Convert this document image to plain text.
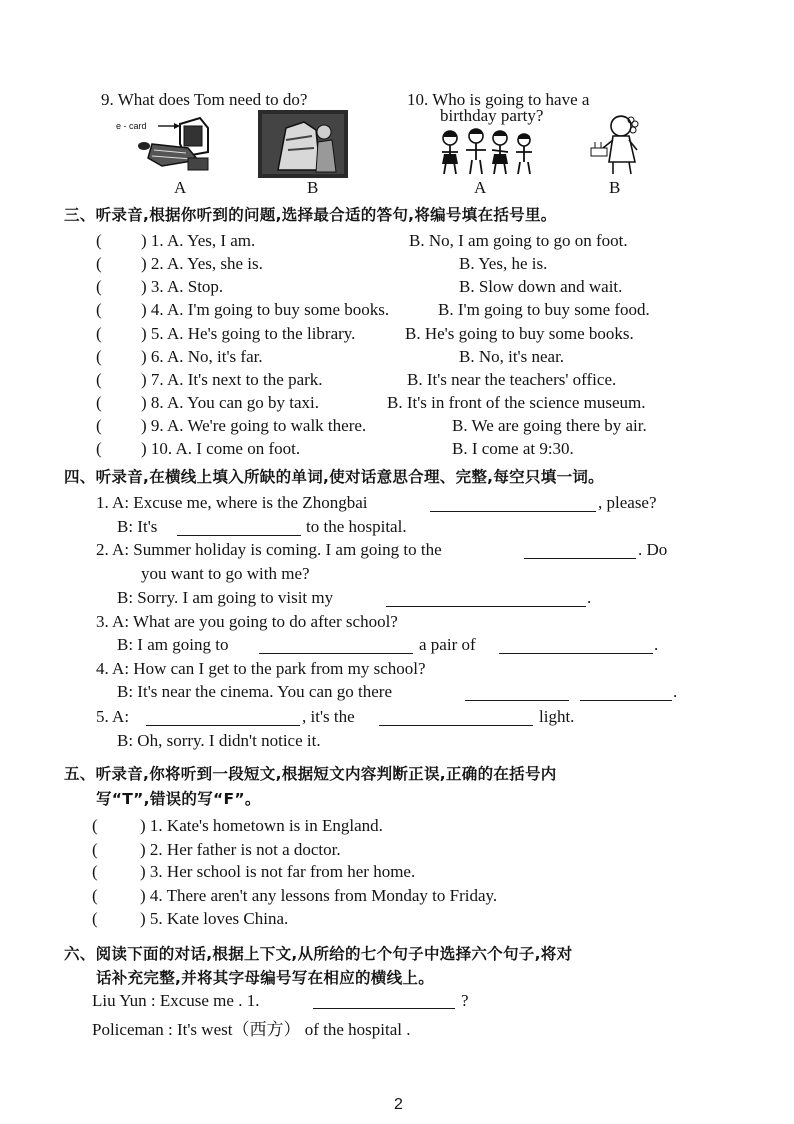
9. What does Tom need to do?
e - card
A	B
10. Who is going to have a
birthday party?
A	B
三、听录音,根据你听到的问题,选择最合适的答句,将编号填在括号里。
( ) 1. A. Yes, I am.	B. No, I am going to go on foot.
( ) 2. A. Yes, she is.	B. Yes, he is.
( ) 3. A. Stop.	B. Slow down and wait.
( ) 4. A. I'm going to buy some books.	B. I'm going to buy some food.
( ) 5. A. He's going to the library.	B. He's going to buy some books.
( ) 6. A. No, it's far.	B. No, it's near.
( ) 7. A. It's next to the park.	B. It's near the teachers' office.
( ) 8. A. You can go by taxi.	B. It's in front of the science museum.
( ) 9. A. We're going to walk there.	B. We are going there by air.
( ) 10. A. I come on foot.	B. I come at 9:30.
四、听录音,在横线上填入所缺的单词,使对话意思合理、完整,每空只填一词。
1. A: Excuse me, where is the Zhongbai	, please?
B: It's	to the hospital.
2. A: Summer holiday is coming. I am going to the	. Do
you want to go with me?
B: Sorry. I am going to visit my	.
3. A: What are you going to do after school?
B: I am going to	a pair of	.
4. A: How can I get to the park from my school?
B: It's near the cinema. You can go there	.
5. A:	, it's the	light.
B: Oh, sorry. I didn't notice it.
五、听录音,你将听到一段短文,根据短文内容判断正误,正确的在括号内
写“T”,错误的写“F”。
( ) 1. Kate's hometown is in England.
( ) 2. Her father is not a doctor.
( ) 3. Her school is not far from her home.
( ) 4. There aren't any lessons from Monday to Friday.
( ) 5. Kate loves China.
六、阅读下面的对话,根据上下文,从所给的七个句子中选择六个句子,将对
话补充完整,并将其字母编号写在相应的横线上。
Liu Yun : Excuse me . 1.	?
Policeman : It's west（西方） of the hospital .
2
